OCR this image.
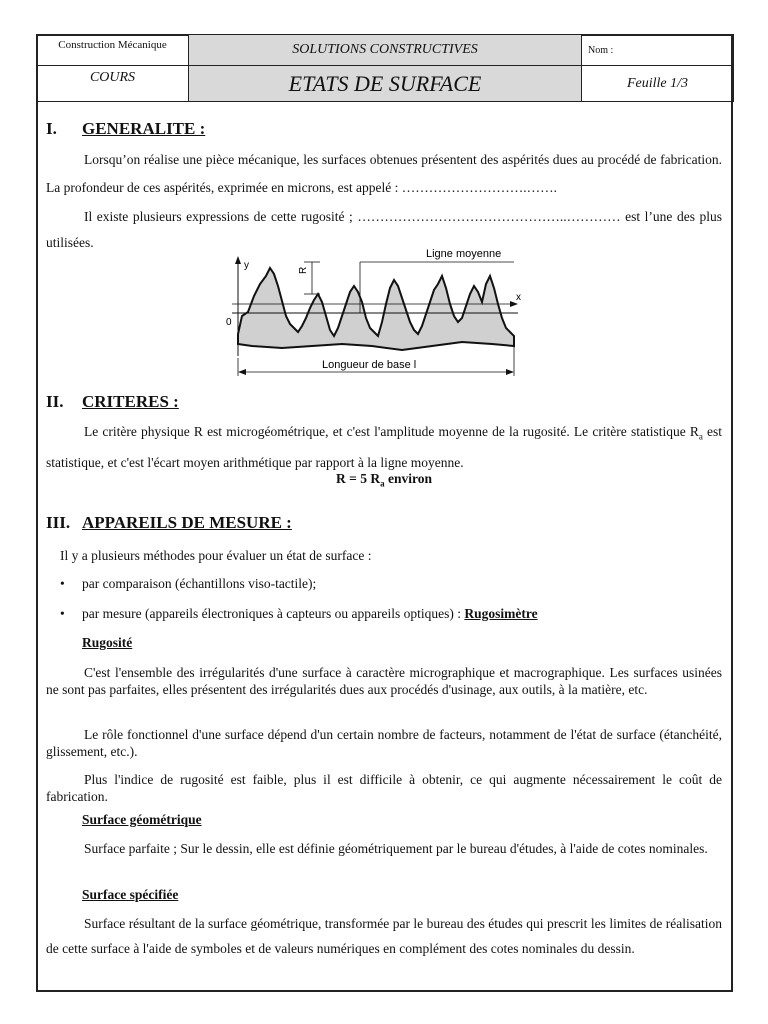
Construction Mécanique	SOLUTIONS CONSTRUCTIVES	Nom :
COURS	ETATS DE SURFACE	Feuille 1/3
I. GENERALITE :
Lorsqu’on réalise une pièce mécanique, les surfaces obtenues présentent des aspérités dues au procédé de fabrication. La profondeur de ces aspérités, exprimée en microns, est appelé : ……………………….…….
Il existe plusieurs expressions de cette rugosité ; ………………………………………..………… est l’une des plus utilisées.
y
x
0
R
Ligne moyenne
Longueur de base l
II. CRITERES :
Le critère physique R est microgéométrique, et c'est l'amplitude moyenne de la rugosité. Le critère statistique $R_a$ est statistique, et c'est l'écart moyen arithmétique par rapport à la ligne moyenne.
R = 5 $R_a$ environ
III. APPAREILS DE MESURE :
Il y a plusieurs méthodes pour évaluer un état de surface :
• par comparaison (échantillons viso-tactile);
• par mesure (appareils électroniques à capteurs ou appareils optiques) : Rugosimètre
Rugosité
C'est l'ensemble des irrégularités d'une surface à caractère micrographique et macrographique. Les surfaces usinées ne sont pas parfaites, elles présentent des irrégularités dues aux procédés d'usinage, aux outils, à la matière, etc.
Le rôle fonctionnel d'une surface dépend d'un certain nombre de facteurs, notamment de l'état de surface (étanchéité, glissement, etc.).
Plus l'indice de rugosité est faible, plus il est difficile à obtenir, ce qui augmente nécessairement le coût de fabrication.
Surface géométrique
Surface parfaite ; Sur le dessin, elle est définie géométriquement par le bureau d'études, à l'aide de cotes nominales.
Surface spécifiée
Surface résultant de la surface géométrique, transformée par le bureau des études qui prescrit les limites de réalisation de cette surface à l'aide de symboles et de valeurs numériques en complément des cotes nominales du dessin.
